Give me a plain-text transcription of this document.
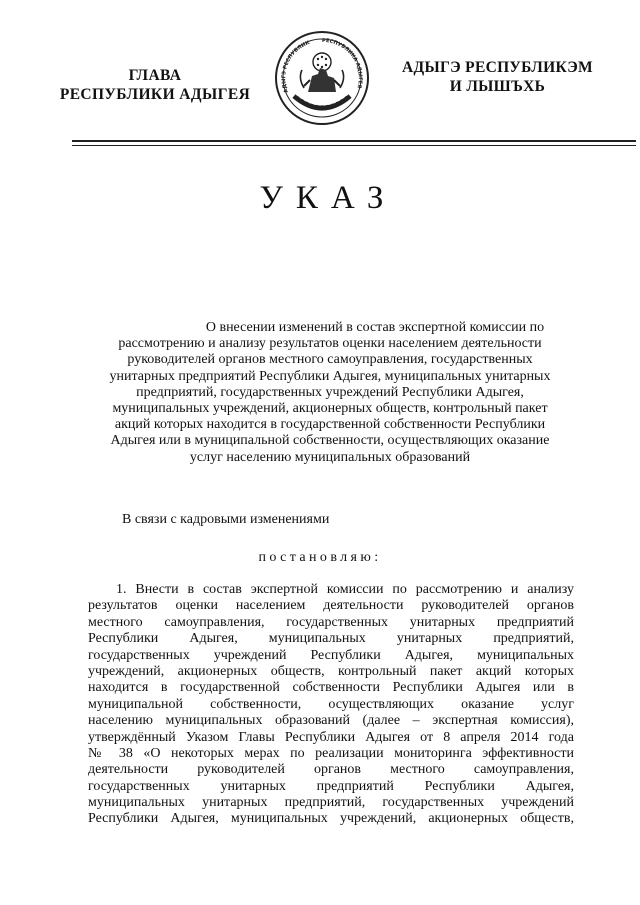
ГЛАВА
РЕСПУБЛИКИ АДЫГЕЯ	АДЫГЭ РЕСПУБЛИК РЕСПУБЛИКА АДЫГЕЯ
АДЫГЭ РЕСПУБЛИКЭМ
И ЛЫШЪХЬ
УКАЗ
О внесении изменений в состав экспертной комиссии по
рассмотрению и анализу результатов оценки населением деятельности
руководителей органов местного самоуправления, государственных
унитарных предприятий Республики Адыгея, муниципальных унитарных
предприятий, государственных учреждений Республики Адыгея,
муниципальных учреждений, акционерных обществ, контрольный пакет
акций которых находится в государственной собственности Республики
Адыгея или в муниципальной собственности, осуществляющих оказание
услуг населению муниципальных образований
В связи с кадровыми изменениями
постановляю:
1. Внести в состав экспертной комиссии по рассмотрению и анализу
результатов оценки населением деятельности руководителей органов
местного самоуправления, государственных унитарных предприятий
Республики Адыгея, муниципальных унитарных предприятий,
государственных учреждений Республики Адыгея, муниципальных
учреждений, акционерных обществ, контрольный пакет акций которых
находится в государственной собственности Республики Адыгея или в
муниципальной собственности, осуществляющих оказание услуг
населению муниципальных образований (далее – экспертная комиссия),
утверждённый Указом Главы Республики Адыгея от 8 апреля 2014 года
№ 38 «О некоторых мерах по реализации мониторинга эффективности
деятельности руководителей органов местного самоуправления,
государственных унитарных предприятий Республики Адыгея,
муниципальных унитарных предприятий, государственных учреждений
Республики Адыгея, муниципальных учреждений, акционерных обществ,
